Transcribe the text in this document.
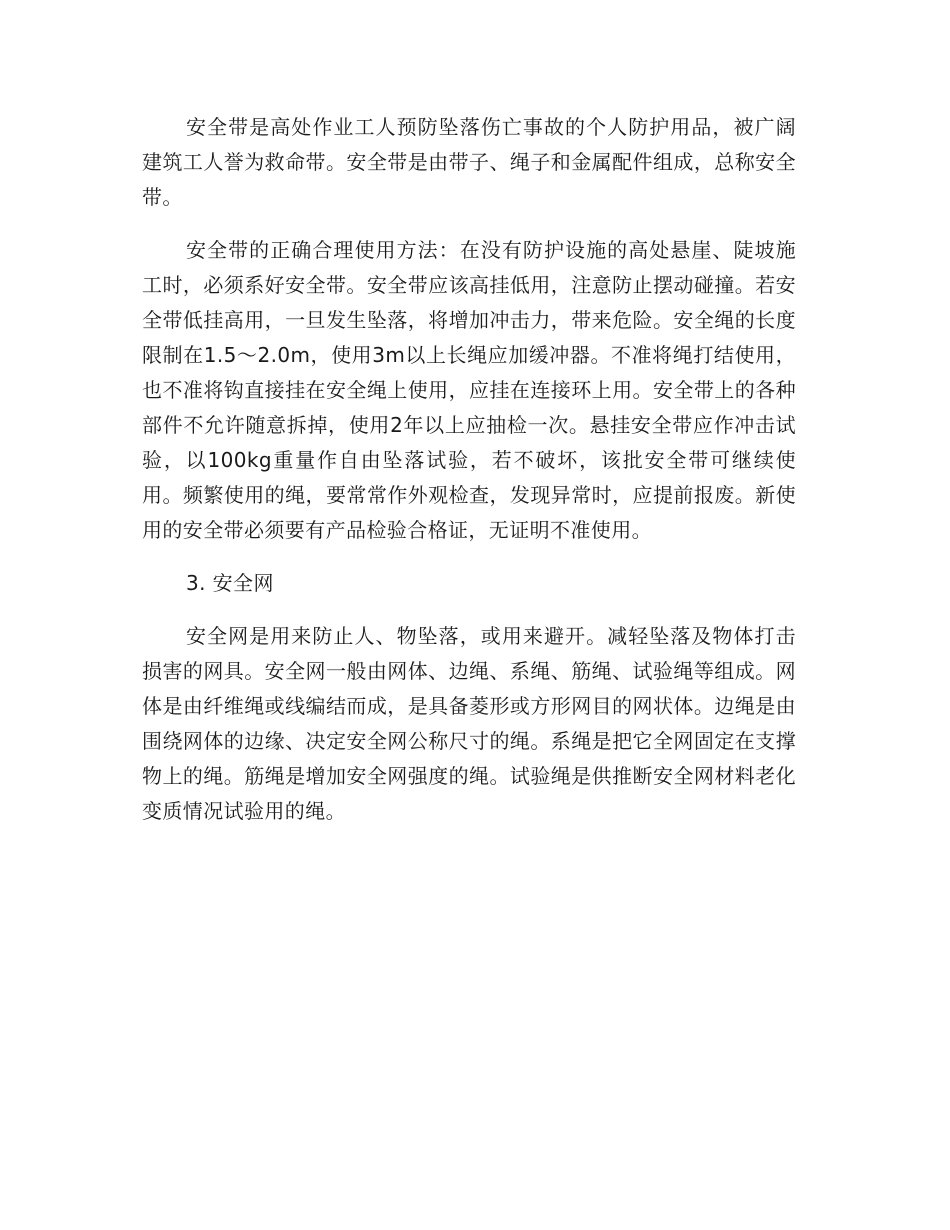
安全带是高处作业工人预防坠落伤亡事故的个人防护用品，被广阔建筑工人誉为救命带。安全带是由带子、绳子和金属配件组成，总称安全带。

安全带的正确合理使用方法：在没有防护设施的高处悬崖、陡坡施工时，必须系好安全带。安全带应该高挂低用，注意防止摆动碰撞。若安全带低挂高用，一旦发生坠落，将增加冲击力，带来危险。安全绳的长度限制在1.5～2.0m，使用3m以上长绳应加缓冲器。不准将绳打结使用，也不准将钩直接挂在安全绳上使用，应挂在连接环上用。安全带上的各种部件不允许随意拆掉，使用2年以上应抽检一次。悬挂安全带应作冲击试验，以100kg重量作自由坠落试验，若不破坏，该批安全带可继续使用。频繁使用的绳，要常常作外观检查，发现异常时，应提前报废。新使用的安全带必须要有产品检验合格证，无证明不准使用。

3. 安全网

安全网是用来防止人、物坠落，或用来避开。减轻坠落及物体打击损害的网具。安全网一般由网体、边绳、系绳、筋绳、试验绳等组成。网体是由纤维绳或线编结而成，是具备菱形或方形网目的网状体。边绳是由围绕网体的边缘、决定安全网公称尺寸的绳。系绳是把它全网固定在支撑物上的绳。筋绳是增加安全网强度的绳。试验绳是供推断安全网材料老化变质情况试验用的绳。
